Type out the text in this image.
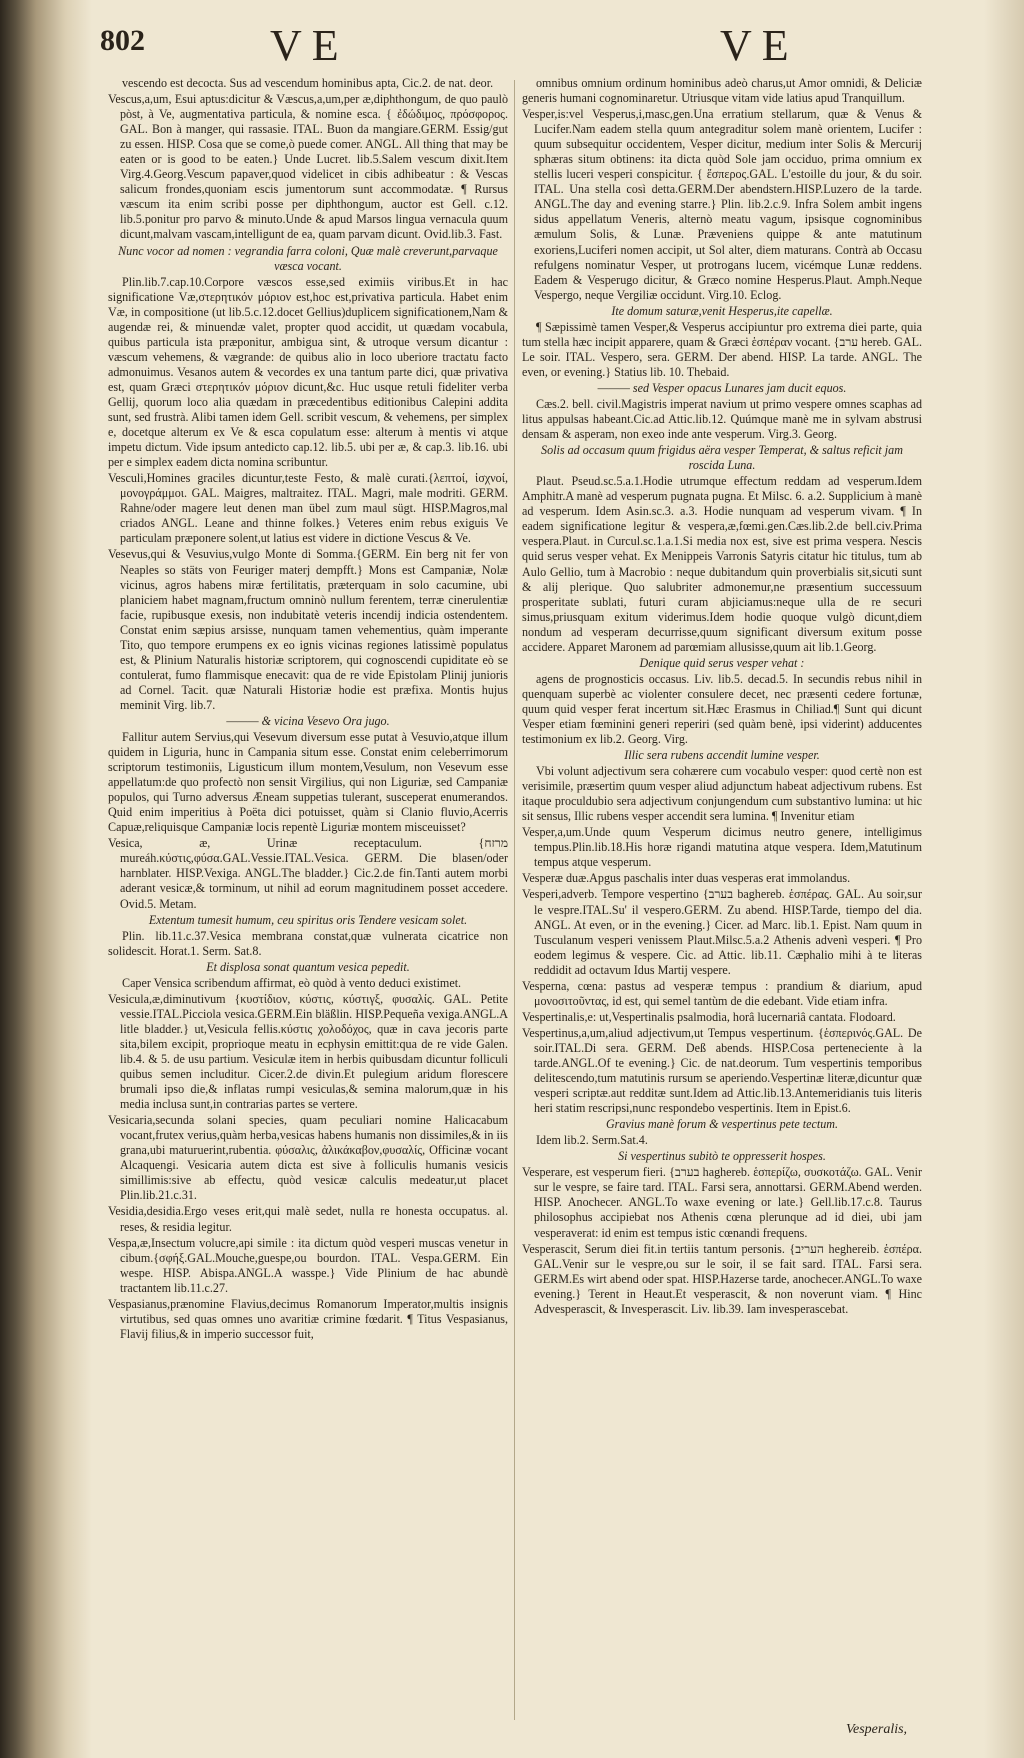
802	VE	VE

vescendo est decocta. Sus ad vescendum hominibus apta, Cic.2. de nat. deor.

Vescus,a,um, Esui aptus:dicitur & Væscus,a,um,per æ,diphthongum, de quo paulò pòst, à Ve, augmentativa particula, & nomine esca. { ἐδώδιμος, πρόσφορος. GAL. Bon à manger, qui rassasie. ITAL. Buon da mangiare.GERM. Essig/gut zu essen. HISP. Cosa que se come,ò puede comer. ANGL. All thing that may be eaten or is good to be eaten.} Unde Lucret. lib.5.Salem vescum dixit.Item Virg.4.Georg.Vescum papaver,quod videlicet in cibis adhibeatur : & Vescas salicum frondes,quoniam escis jumentorum sunt accommodatæ. ¶ Rursus væscum ita enim scribi posse per diphthongum, auctor est Gell. c.12. lib.5.ponitur pro parvo & minuto.Unde & apud Marsos lingua vernacula quum dicunt,malvam vascam,intelligunt de ea, quam parvam dicunt. Ovid.lib.3. Fast.

Nunc vocor ad nomen : vegrandia farra coloni, Quæ malè creverunt,parvaque væsca vocant.

Plin.lib.7.cap.10.Corpore væscos esse,sed eximiis viribus.Et in hac significatione Væ,στερητικόν μόριον est,hoc est,privativa particula. Habet enim Væ, in compositione (ut lib.5.c.12.docet Gellius)duplicem significationem,Nam & augendæ rei, & minuendæ valet, propter quod accidit, ut quædam vocabula, quibus particula ista præponitur, ambigua sint, & utroque versum dicantur : væscum vehemens, & vægrande: de quibus alio in loco uberiore tractatu facto admonuimus. Vesanos autem & vecordes ex una tantum parte dici, quæ privativa est, quam Græci στερητικόν μόριον dicunt,&c. Huc usque retuli fideliter verba Gellij, quorum loco alia quædam in præcedentibus editionibus Calepini addita sunt, sed frustrà. Alibi tamen idem Gell. scribit vescum, & vehemens, per simplex e, docetque alterum ex Ve & esca copulatum esse: alterum à mentis vi atque impetu dictum. Vide ipsum antedicto cap.12. lib.5. ubi per æ, & cap.3. lib.16. ubi per e simplex eadem dicta nomina scribuntur.

Vesculi,Homines graciles dicuntur,teste Festo, & malè curati.{λεπτοί, ἰσχνοί, μονογράμμοι. GAL. Maigres, maltraitez. ITAL. Magri, male modriti. GERM. Rahne/oder magere leut denen man übel zum maul sügt. HISP.Magros,mal criados ANGL. Leane and thinne folkes.} Veteres enim rebus exiguis Ve particulam præponere solent,ut latius est videre in dictione Vescus & Ve.

Vesevus,qui & Vesuvius,vulgo Monte di Somma.{GERM. Ein berg nit fer von Neaples so stäts von Feuriger materj dempfft.} Mons est Campaniæ, Nolæ vicinus, agros habens miræ fertilitatis, præterquam in solo cacumine, ubi planiciem habet magnam,fructum omninò nullum ferentem, terræ cinerulentiæ facie, rupibusque exesis, non indubitatè veteris incendij indicia ostendentem. Constat enim sæpius arsisse, nunquam tamen vehementius, quàm imperante Tito, quo tempore erumpens ex eo ignis vicinas regiones latissimè populatus est, & Plinium Naturalis historiæ scriptorem, qui cognoscendi cupiditate eò se contulerat, fumo flammisque enecavit: qua de re vide Epistolam Plinij junioris ad Cornel. Tacit. quæ Naturali Historiæ hodie est præfixa. Montis hujus meminit Virg. lib.7.

——— & vicina Vesevo Ora jugo.

Fallitur autem Servius,qui Vesevum diversum esse putat à Vesuvio,atque illum quidem in Liguria, hunc in Campania situm esse. Constat enim celeberrimorum scriptorum testimoniis, Ligusticum illum montem,Vesulum, non Vesevum esse appellatum:de quo profectò non sensit Virgilius, qui non Liguriæ, sed Campaniæ populos, qui Turno adversus Æneam suppetias tulerant, susceperat enumerandos. Quid enim imperitius à Poëta dici potuisset, quàm si Clanio fluvio,Acerris Capuæ,reliquisque Campaniæ locis repentè Liguriæ montem misceuisset?

Vesica, æ, Urinæ receptaculum. {מרזח mureáh.κύστις,φύσα.GAL.Vessie.ITAL.Vesica. GERM. Die blasen/oder harnblater. HISP.Vexiga. ANGL.The bladder.} Cic.2.de fin.Tanti autem morbi aderant vesicæ,& torminum, ut nihil ad eorum magnitudinem posset accedere. Ovid.5. Metam.

Extentum tumesit humum, ceu spiritus oris Tendere vesicam solet.

Plin. lib.11.c.37.Vesica membrana constat,quæ vulnerata cicatrice non solidescit. Horat.1. Serm. Sat.8.

Et displosa sonat quantum vesica pepedit.

Caper Vensica scribendum affirmat, eò quòd à vento deduci existimet.

Vesicula,æ,diminutivum {κυστίδιον, κύστις, κύστιγξ, φυσαλίς. GAL. Petite vessie.ITAL.Picciola vesica.GERM.Ein bläßlin. HISP.Pequeña vexiga.ANGL.A litle bladder.} ut,Vesicula fellis.κύστις χολοδόχος, quæ in cava jecoris parte sita,bilem excipit, proprioque meatu in ecphysin emittit:qua de re vide Galen. lib.4. & 5. de usu partium. Vesiculæ item in herbis quibusdam dicuntur folliculi quibus semen includitur. Cicer.2.de divin.Et pulegium aridum florescere brumali ipso die,& inflatas rumpi vesiculas,& semina malorum,quæ in his media inclusa sunt,in contrarias partes se vertere.

Vesicaria,secunda solani species, quam peculiari nomine Halicacabum vocant,frutex verius,quàm herba,vesicas habens humanis non dissimiles,& in iis grana,ubi maturuerint,rubentia. φύσαλις, ἀλικάκαβον,φυσαλίς, Officinæ vocant Alcaquengi. Vesicaria autem dicta est sive à folliculis humanis vesicis simillimis:sive ab effectu, quòd vesicæ calculis medeatur,ut placet Plin.lib.21.c.31.

Vesidia,desidia.Ergo veses erit,qui malè sedet, nulla re honesta occupatus. al. reses, & residia legitur.

Vespa,æ,Insectum volucre,api simile : ita dictum quòd vesperi muscas venetur in cibum.{σφήξ.GAL.Mouche,guespe,ou bourdon. ITAL. Vespa.GERM. Ein wespe. HISP. Abispa.ANGL.A wasspe.} Vide Plinium de hac abundè tractantem lib.11.c.27.

Vespasianus,prænomine Flavius,decimus Romanorum Imperator,multis insignis virtutibus, sed quas omnes uno avaritiæ crimine fœdarit. ¶ Titus Vespasianus, Flavij filius,& in imperio successor fuit,

omnibus omnium ordinum hominibus adeò charus,ut Amor omnidi, & Deliciæ generis humani cognominaretur. Utriusque vitam vide latius apud Tranquillum.

Vesper,is:vel Vesperus,i,masc,gen.Una erratium stellarum, quæ & Venus & Lucifer.Nam eadem stella quum antegraditur solem manè orientem, Lucifer : quum subsequitur occidentem, Vesper dicitur, medium inter Solis & Mercurij sphæras situm obtinens: ita dicta quòd Sole jam occiduo, prima omnium ex stellis luceri vesperi conspicitur. { ἕσπερος.GAL. L'estoille du jour, & du soir. ITAL. Una stella così detta.GERM.Der abendstern.HISP.Luzero de la tarde. ANGL.The day and evening starre.} Plin. lib.2.c.9. Infra Solem ambit ingens sidus appellatum Veneris, alternò meatu vagum, ipsisque cognominibus æmulum Solis, & Lunæ. Præveniens quippe & ante matutinum exoriens,Luciferi nomen accipit, ut Sol alter, diem maturans. Contrà ab Occasu refulgens nominatur Vesper, ut protrogans lucem, vicémque Lunæ reddens. Eadem & Vesperugo dicitur, & Græco nomine Hesperus.Plaut. Amph.Neque Vespergo, neque Vergiliæ occidunt. Virg.10. Eclog.

Ite domum saturæ,venit Hesperus,ite capellæ.

¶ Sæpissimè tamen Vesper,& Vesperus accipiuntur pro extrema diei parte, quia tum stella hæc incipit apparere, quam & Græci ἑσπέραν vocant. {ערב hereb. GAL. Le soir. ITAL. Vespero, sera. GERM. Der abend. HISP. La tarde. ANGL. The even, or evening.} Statius lib. 10. Thebaid.

——— sed Vesper opacus Lunares jam ducit equos.

Cæs.2. bell. civil.Magistris imperat navium ut primo vespere omnes scaphas ad litus appulsas habeant.Cic.ad Attic.lib.12. Quúmque manè me in sylvam abstrusi densam & asperam, non exeo inde ante vesperum. Virg.3. Georg.

Solis ad occasum quum frigidus aëra vesper Temperat, & saltus reficit jam roscida Luna.

Plaut. Pseud.sc.5.a.1.Hodie utrumque effectum reddam ad vesperum.Idem Amphitr.A manè ad vesperum pugnata pugna. Et Milsc. 6. a.2. Supplicium à manè ad vesperum. Idem Asin.sc.3. a.3. Hodie nunquam ad vesperum vivam. ¶ In eadem significatione legitur & vespera,æ,fœmi.gen.Cæs.lib.2.de bell.civ.Prima vespera.Plaut. in Curcul.sc.1.a.1.Si media nox est, sive est prima vespera. Nescis quid serus vesper vehat. Ex Menippeis Varronis Satyris citatur hic titulus, tum ab Aulo Gellio, tum à Macrobio : neque dubitandum quin proverbialis sit,sicuti sunt & alij plerique. Quo salubriter admonemur,ne præsentium successuum prosperitate sublati, futuri curam abjiciamus:neque ulla de re securi simus,priusquam exitum viderimus.Idem hodie quoque vulgò dicunt,diem nondum ad vesperam decurrisse,quum significant diversum exitum posse accidere. Apparet Maronem ad parœmiam allusisse,quum ait lib.1.Georg.

Denique quid serus vesper vehat :

agens de prognosticis occasus. Liv. lib.5. decad.5. In secundis rebus nihil in quenquam superbè ac violenter consulere decet, nec præsenti cedere fortunæ, quum quid vesper ferat incertum sit.Hæc Erasmus in Chiliad.¶ Sunt qui dicunt Vesper etiam fœminini generi reperiri (sed quàm benè, ipsi viderint) adducentes testimonium ex lib.2. Georg. Virg.

Illic sera rubens accendit lumine vesper.

Vbi volunt adjectivum sera cohærere cum vocabulo vesper: quod certè non est verisimile, præsertim quum vesper aliud adjunctum habeat adjectivum rubens. Est itaque proculdubio sera adjectivum conjungendum cum substantivo lumina: ut hic sit sensus, Illic rubens vesper accendit sera lumina. ¶ Invenitur etiam

Vesper,a,um.Unde quum Vesperum dicimus neutro genere, intelligimus tempus.Plin.lib.18.His horæ rigandi matutina atque vespera. Idem,Matutinum tempus atque vesperum.

Vesperæ duæ.Apgus paschalis inter duas vesperas erat immolandus.

Vesperi,adverb. Tempore vespertino {בערב baghereb. ἑσπέρας. GAL. Au soir,sur le vespre.ITAL.Su' il vespero.GERM. Zu abend. HISP.Tarde, tiempo del dia. ANGL. At even, or in the evening.} Cicer. ad Marc. lib.1. Epist. Nam quum in Tusculanum vesperi venissem Plaut.Milsc.5.a.2 Athenis advenì vesperi. ¶ Pro eodem legimus & vespere. Cic. ad Attic. lib.11. Cæphalio mihi à te literas reddidit ad octavum Idus Martij vespere.

Vesperna, cœna: pastus ad vesperæ tempus : prandium & diarium, apud μονοσιτοῦντας, id est, qui semel tantùm de die edebant. Vide etiam infra.

Vespertinalis,e: ut,Vespertinalis psalmodia, horâ lucernariâ cantata. Flodoard.

Vespertinus,a,um,aliud adjectivum,ut Tempus vespertinum. {ἑσπερινός.GAL. De soir.ITAL.Di sera. GERM. Deß abends. HISP.Cosa perteneciente à la tarde.ANGL.Of te evening.} Cic. de nat.deorum. Tum vespertinis temporibus delitescendo,tum matutinis rursum se aperiendo.Vespertinæ literæ,dicuntur quæ vesperi scriptæ.aut redditæ sunt.Idem ad Attic.lib.13.Antemeridianis tuis literis heri statim rescripsi,nunc respondebo vespertinis. Item in Epist.6.

Gravius manè forum & vespertinus pete tectum.

Idem lib.2. Serm.Sat.4.

Si vespertinus subitò te oppresserit hospes.

Vesperare, est vesperum fieri. {בערב haghereb. ἑσπερίζω, συσκοτάζω. GAL. Venir sur le vespre, se faire tard. ITAL. Farsi sera, annottarsi. GERM.Abend werden. HISP. Anochecer. ANGL.To waxe evening or late.} Gell.lib.17.c.8. Taurus philosophus accipiebat nos Athenis cœna plerunque ad id diei, ubi jam vesperaverat: id enim est tempus istic cœnandi frequens.

Vesperascit, Serum diei fit.in tertiis tantum personis. {העריב heghereib. ἑσπέρα. GAL.Venir sur le vespre,ou sur le soir, il se fait sard. ITAL. Farsi sera. GERM.Es wirt abend oder spat. HISP.Hazerse tarde, anochecer.ANGL.To waxe evening.} Terent in Heaut.Et vesperascit, & non noverunt viam. ¶ Hinc Advesperascit, & Invesperascit. Liv. lib.39. Iam invesperascebat.

Vesperalis,
